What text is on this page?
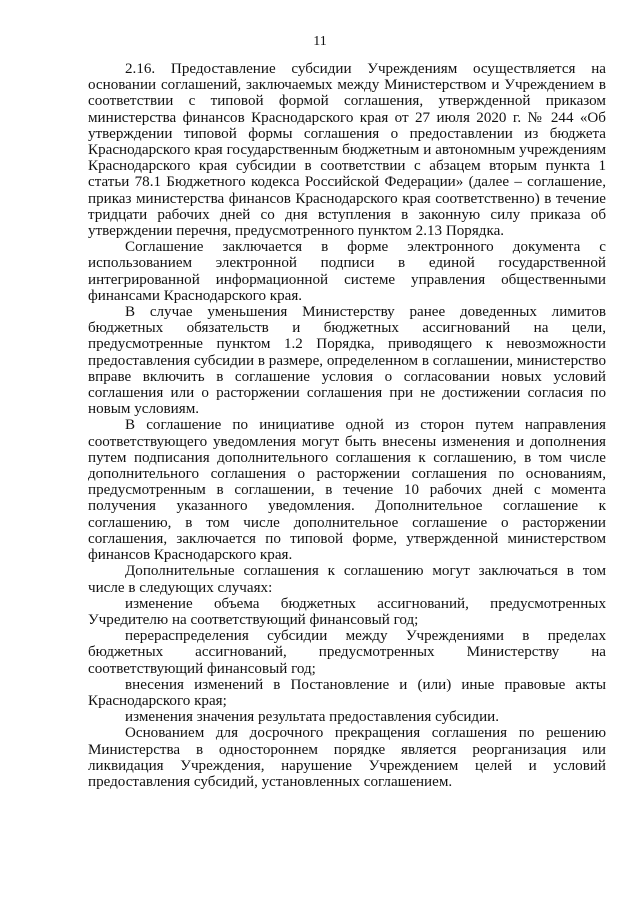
11

2.16. Предоставление субсидии Учреждениям осуществляется на основании соглашений, заключаемых между Министерством и Учреждением в соответствии с типовой формой соглашения, утвержденной приказом министерства финансов Краснодарского края от 27 июля 2020 г. № 244 «Об утверждении типовой формы соглашения о предоставлении из бюджета Краснодарского края государственным бюджетным и автономным учреждениям Краснодарского края субсидии в соответствии с абзацем вторым пункта 1 статьи 78.1 Бюджетного кодекса Российской Федерации» (далее – соглашение, приказ министерства финансов Краснодарского края соответственно) в течение тридцати рабочих дней со дня вступления в законную силу приказа об утверждении перечня, предусмотренного пунктом 2.13 Порядка.

Соглашение заключается в форме электронного документа с использованием электронной подписи в единой государственной интегрированной информационной системе управления общественными финансами Краснодарского края.

В случае уменьшения Министерству ранее доведенных лимитов бюджетных обязательств и бюджетных ассигнований на цели, предусмотренные пунктом 1.2 Порядка, приводящего к невозможности предоставления субсидии в размере, определенном в соглашении, министерство вправе включить в соглашение условия о согласовании новых условий соглашения или о расторжении соглашения при не достижении согласия по новым условиям.

В соглашение по инициативе одной из сторон путем направления соответствующего уведомления могут быть внесены изменения и дополнения путем подписания дополнительного соглашения к соглашению, в том числе дополнительного соглашения о расторжении соглашения по основаниям, предусмотренным в соглашении, в течение 10 рабочих дней с момента получения указанного уведомления. Дополнительное соглашение к соглашению, в том числе дополнительное соглашение о расторжении соглашения, заключается по типовой форме, утвержденной министерством финансов Краснодарского края.

Дополнительные соглашения к соглашению могут заключаться в том числе в следующих случаях:

изменение объема бюджетных ассигнований, предусмотренных Учредителю на соответствующий финансовый год;

перераспределения субсидии между Учреждениями в пределах бюджетных ассигнований, предусмотренных Министерству на соответствующий финансовый год;

внесения изменений в Постановление и (или) иные правовые акты Краснодарского края;

изменения значения результата предоставления субсидии.

Основанием для досрочного прекращения соглашения по решению Министерства в одностороннем порядке является реорганизация или ликвидация Учреждения, нарушение Учреждением целей и условий предоставления субсидий, установленных соглашением.
